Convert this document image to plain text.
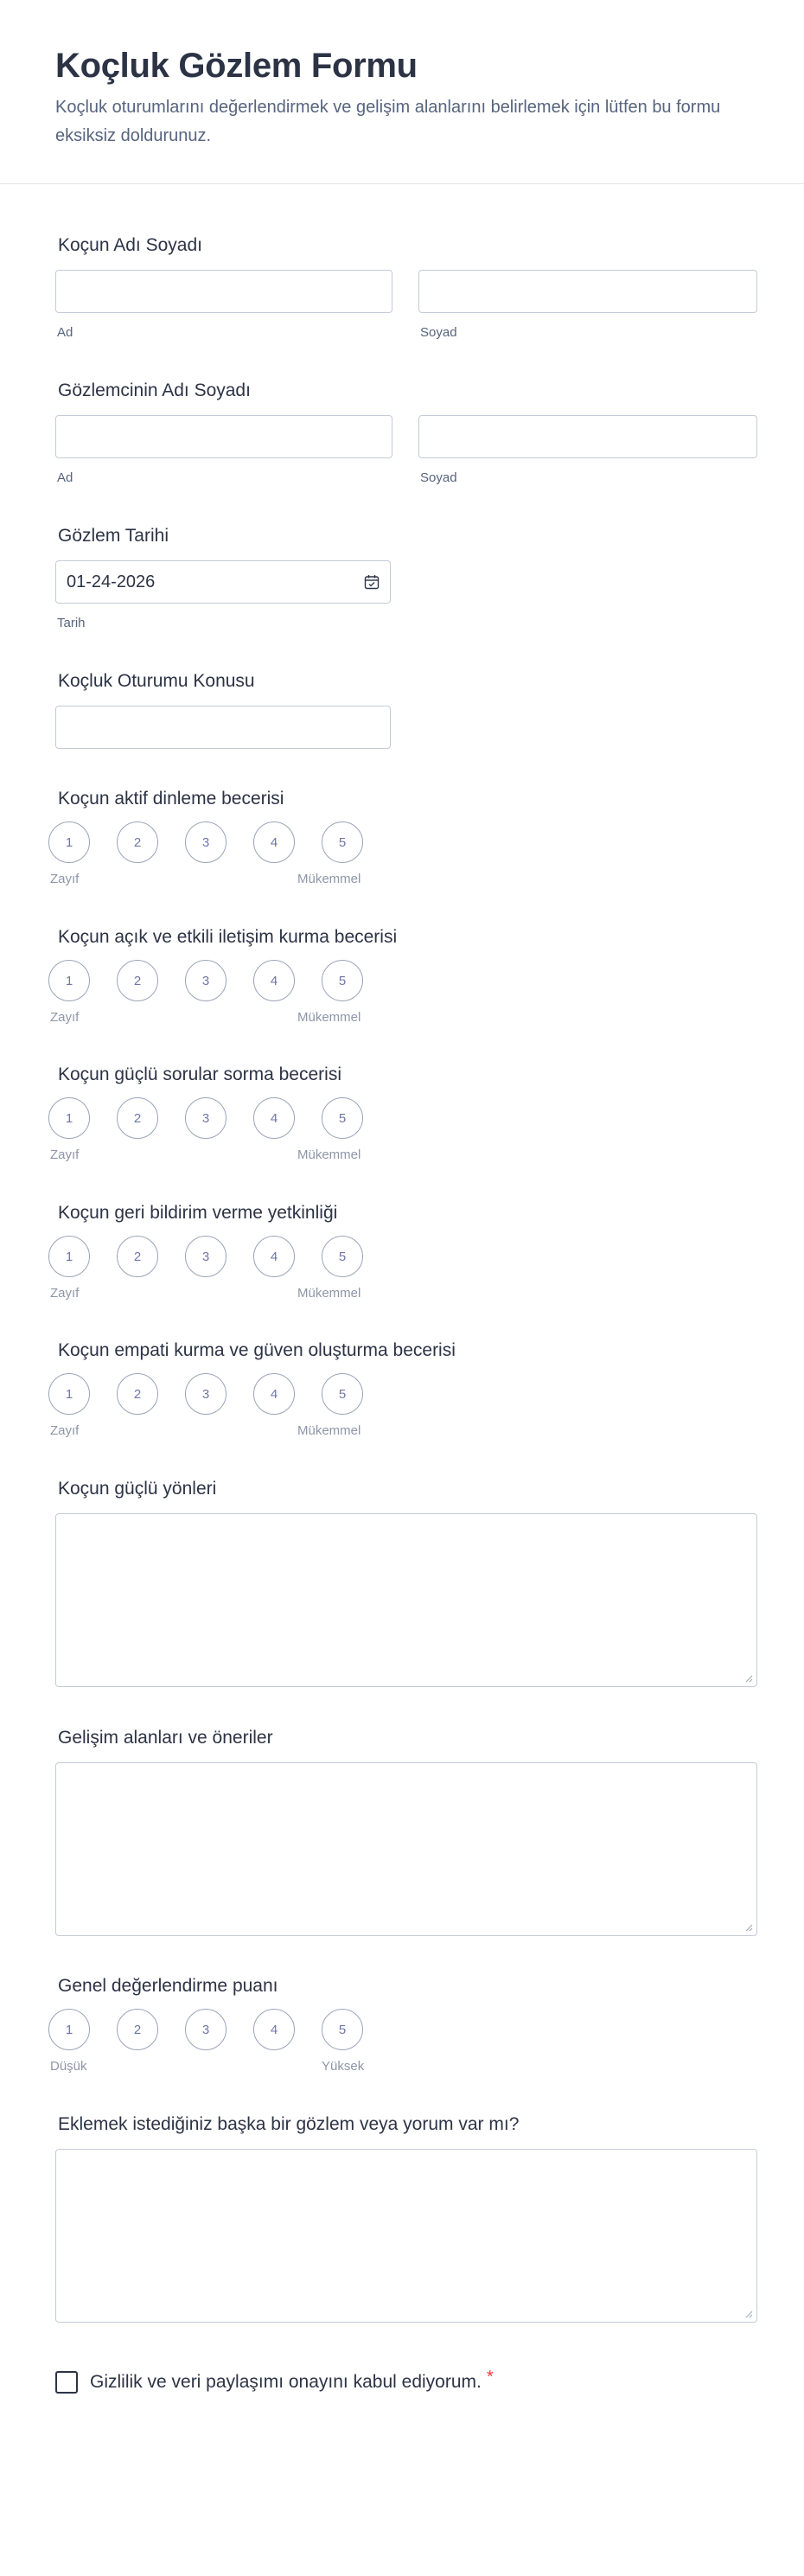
Koçluk Gözlem Formu
Koçluk oturumlarını değerlendirmek ve gelişim alanlarını belirlemek için lütfen bu formu eksiksiz doldurunuz.
Koçun Adı Soyadı
Ad	Soyad
Gözlemcinin Adı Soyadı
Ad	Soyad
Gözlem Tarihi
01-24-2026
Tarih
Koçluk Oturumu Konusu
Koçun aktif dinleme becerisi
1	2	3	4	5
Zayıf	Mükemmel
Koçun açık ve etkili iletişim kurma becerisi
1	2	3	4	5
Zayıf	Mükemmel
Koçun güçlü sorular sorma becerisi
1	2	3	4	5
Zayıf	Mükemmel
Koçun geri bildirim verme yetkinliği
1	2	3	4	5
Zayıf	Mükemmel
Koçun empati kurma ve güven oluşturma becerisi
1	2	3	4	5
Zayıf	Mükemmel
Koçun güçlü yönleri
Gelişim alanları ve öneriler
Genel değerlendirme puanı
1	2	3	4	5
Düşük	Yüksek
Eklemek istediğiniz başka bir gözlem veya yorum var mı?
Gizlilik ve veri paylaşımı onayını kabul ediyorum. *
